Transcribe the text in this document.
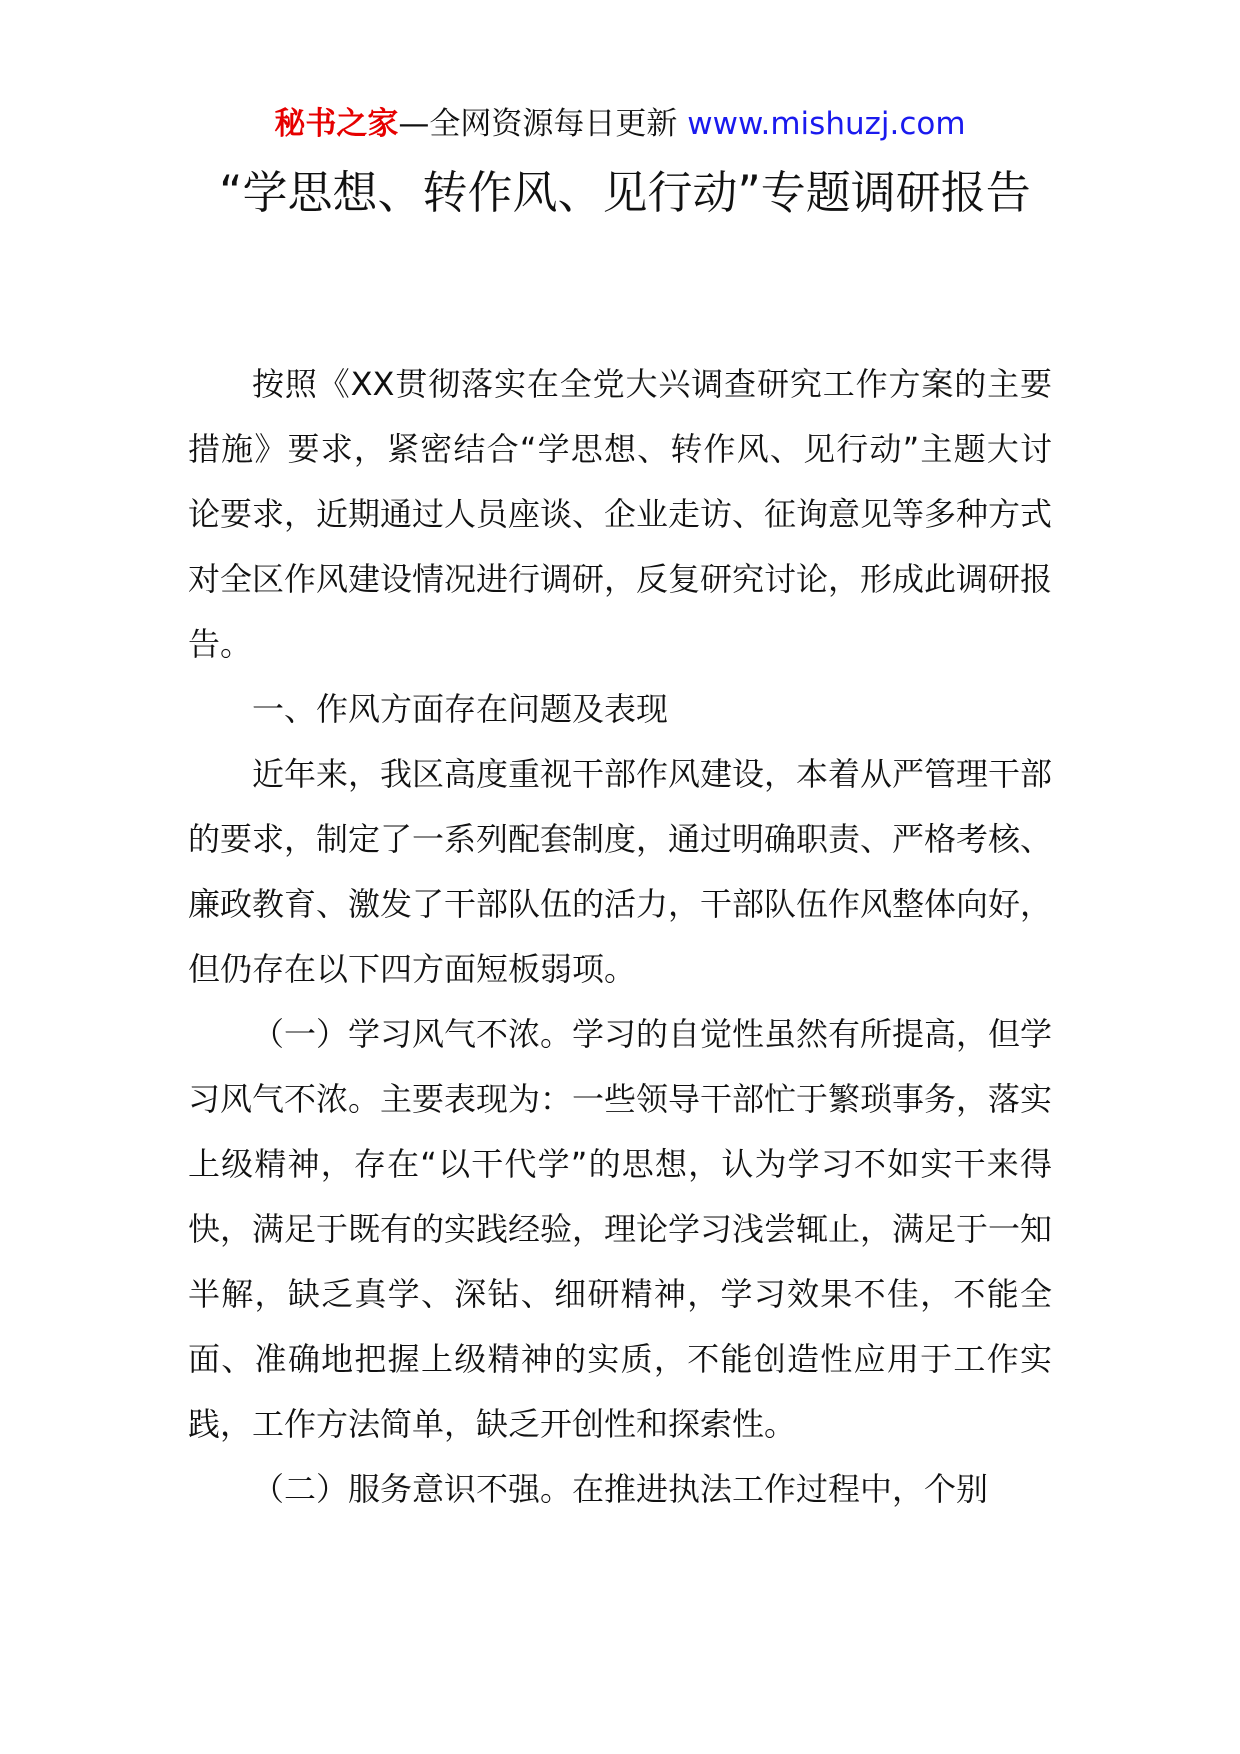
秘书之家—全网资源每日更新 www.mishuzj.com
“学思想、转作风、见行动”专题调研报告

按照《XX贯彻落实在全党大兴调查研究工作方案的主要措施》要求，紧密结合“学思想、转作风、见行动”主题大讨论要求，近期通过人员座谈、企业走访、征询意见等多种方式对全区作风建设情况进行调研，反复研究讨论，形成此调研报告。

一、作风方面存在问题及表现

近年来，我区高度重视干部作风建设，本着从严管理干部的要求，制定了一系列配套制度，通过明确职责、严格考核、廉政教育、激发了干部队伍的活力，干部队伍作风整体向好，但仍存在以下四方面短板弱项。

（一）学习风气不浓。学习的自觉性虽然有所提高，但学习风气不浓。主要表现为：一些领导干部忙于繁琐事务，落实上级精神，存在“以干代学”的思想，认为学习不如实干来得快，满足于既有的实践经验，理论学习浅尝辄止，满足于一知半解，缺乏真学、深钻、细研精神，学习效果不佳，不能全面、准确地把握上级精神的实质，不能创造性应用于工作实践，工作方法简单，缺乏开创性和探索性。

（二）服务意识不强。在推进执法工作过程中，个别
